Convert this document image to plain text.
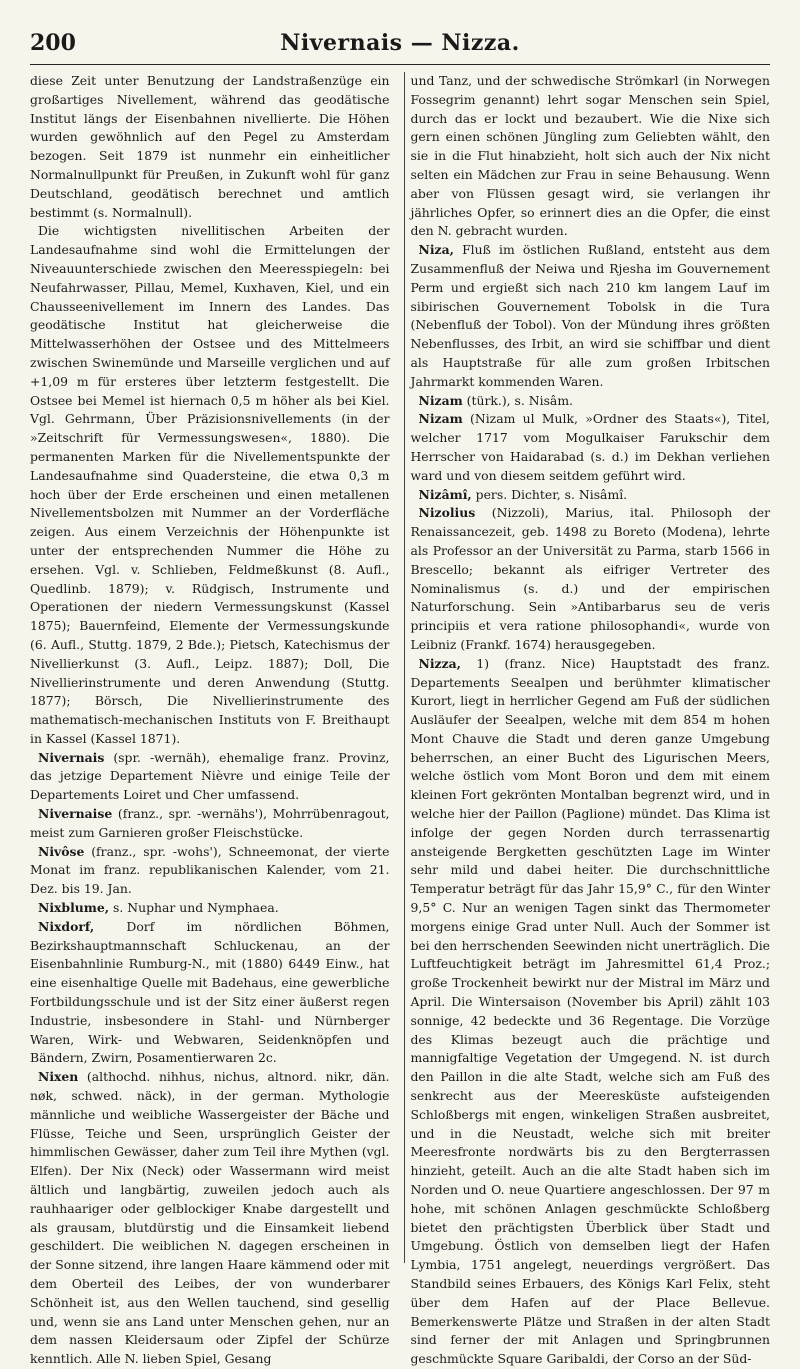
200	Nivernais — Nizza.

diese Zeit unter Benutzung der Landstraßenzüge ein großartiges Nivellement, während das geodätische Institut längs der Eisenbahnen nivellierte. Die Höhen wurden gewöhnlich auf den Pegel zu Amsterdam bezogen. Seit 1879 ist nunmehr ein einheitlicher Normalnullpunkt für Preußen, in Zukunft wohl für ganz Deutschland, geodätisch berechnet und amtlich bestimmt (s. Normalnull).

Die wichtigsten nivellitischen Arbeiten der Landesaufnahme sind wohl die Ermittelungen der Niveauunterschiede zwischen den Meeresspiegeln: bei Neufahrwasser, Pillau, Memel, Kuxhaven, Kiel, und ein Chausseenivellement im Innern des Landes. Das geodätische Institut hat gleicherweise die Mittelwasserhöhen der Ostsee und des Mittelmeers zwischen Swinemünde und Marseille verglichen und auf +1,09 m für ersteres über letzterm festgestellt. Die Ostsee bei Memel ist hiernach 0,5 m höher als bei Kiel. Vgl. Gehrmann, Über Präzisionsnivellements (in der »Zeitschrift für Vermessungswesen«, 1880). Die permanenten Marken für die Nivellementspunkte der Landesaufnahme sind Quadersteine, die etwa 0,3 m hoch über der Erde erscheinen und einen metallenen Nivellementsbolzen mit Nummer an der Vorderfläche zeigen. Aus einem Verzeichnis der Höhenpunkte ist unter der entsprechenden Nummer die Höhe zu ersehen. Vgl. v. Schlieben, Feldmeßkunst (8. Aufl., Quedlinb. 1879); v. Rüdgisch, Instrumente und Operationen der niedern Vermessungskunst (Kassel 1875); Bauernfeind, Elemente der Vermessungskunde (6. Aufl., Stuttg. 1879, 2 Bde.); Pietsch, Katechismus der Nivellierkunst (3. Aufl., Leipz. 1887); Doll, Die Nivellierinstrumente und deren Anwendung (Stuttg. 1877); Börsch, Die Nivellierinstrumente des mathematisch-mechanischen Instituts von F. Breithaupt in Kassel (Kassel 1871).

Nivernais (spr. -wernäh), ehemalige franz. Provinz, das jetzige Departement Nièvre und einige Teile der Departements Loiret und Cher umfassend.

Nivernaise (franz., spr. -wernähs'), Mohrrübenragout, meist zum Garnieren großer Fleischstücke.

Nivôse (franz., spr. -wohs'), Schneemonat, der vierte Monat im franz. republikanischen Kalender, vom 21. Dez. bis 19. Jan.

Nixblume, s. Nuphar und Nymphaea.

Nixdorf, Dorf im nördlichen Böhmen, Bezirkshauptmannschaft Schluckenau, an der Eisenbahnlinie Rumburg-N., mit (1880) 6449 Einw., hat eine eisenhaltige Quelle mit Badehaus, eine gewerbliche Fortbildungsschule und ist der Sitz einer äußerst regen Industrie, insbesondere in Stahl- und Nürnberger Waren, Wirk- und Webwaren, Seidenknöpfen und Bändern, Zwirn, Posamentierwaren 2c.

Nixen (althochd. nihhus, nichus, altnord. nikr, dän. nøk, schwed. näck), in der german. Mythologie männliche und weibliche Wassergeister der Bäche und Flüsse, Teiche und Seen, ursprünglich Geister der himmlischen Gewässer, daher zum Teil ihre Mythen (vgl. Elfen). Der Nix (Neck) oder Wassermann wird meist ältlich und langbärtig, zuweilen jedoch auch als rauhhaariger oder gelblockiger Knabe dargestellt und als grausam, blutdürstig und die Einsamkeit liebend geschildert. Die weiblichen N. dagegen erscheinen in der Sonne sitzend, ihre langen Haare kämmend oder mit dem Oberteil des Leibes, der von wunderbarer Schönheit ist, aus den Wellen tauchend, sind gesellig und, wenn sie ans Land unter Menschen gehen, nur an dem nassen Kleidersaum oder Zipfel der Schürze kenntlich. Alle N. lieben Spiel, Gesang

und Tanz, und der schwedische Strömkarl (in Norwegen Fossegrim genannt) lehrt sogar Menschen sein Spiel, durch das er lockt und bezaubert. Wie die Nixe sich gern einen schönen Jüngling zum Geliebten wählt, den sie in die Flut hinabzieht, holt sich auch der Nix nicht selten ein Mädchen zur Frau in seine Behausung. Wenn aber von Flüssen gesagt wird, sie verlangen ihr jährliches Opfer, so erinnert dies an die Opfer, die einst den N. gebracht wurden.

Niza, Fluß im östlichen Rußland, entsteht aus dem Zusammenfluß der Neiwa und Rjesha im Gouvernement Perm und ergießt sich nach 210 km langem Lauf im sibirischen Gouvernement Tobolsk in die Tura (Nebenfluß der Tobol). Von der Mündung ihres größten Nebenflusses, des Irbit, an wird sie schiffbar und dient als Hauptstraße für alle zum großen Irbitschen Jahrmarkt kommenden Waren.

Nizam (türk.), s. Nisâm.

Nizam (Nizam ul Mulk, »Ordner des Staats«), Titel, welcher 1717 vom Mogulkaiser Farukschir dem Herrscher von Haidarabad (s. d.) im Dekhan verliehen ward und von diesem seitdem geführt wird.

Nizâmî, pers. Dichter, s. Nisâmî.

Nizolius (Nizzoli), Marius, ital. Philosoph der Renaissancezeit, geb. 1498 zu Boreto (Modena), lehrte als Professor an der Universität zu Parma, starb 1566 in Brescello; bekannt als eifriger Vertreter des Nominalismus (s. d.) und der empirischen Naturforschung. Sein »Antibarbarus seu de veris principiis et vera ratione philosophandi«, wurde von Leibniz (Frankf. 1674) herausgegeben.

Nizza, 1) (franz. Nice) Hauptstadt des franz. Departements Seealpen und berühmter klimatischer Kurort, liegt in herrlicher Gegend am Fuß der südlichen Ausläufer der Seealpen, welche mit dem 854 m hohen Mont Chauve die Stadt und deren ganze Umgebung beherrschen, an einer Bucht des Ligurischen Meers, welche östlich vom Mont Boron und dem mit einem kleinen Fort gekrönten Montalban begrenzt wird, und in welche hier der Paillon (Paglione) mündet. Das Klima ist infolge der gegen Norden durch terrassenartig ansteigende Bergketten geschützten Lage im Winter sehr mild und dabei heiter. Die durchschnittliche Temperatur beträgt für das Jahr 15,9° C., für den Winter 9,5° C. Nur an wenigen Tagen sinkt das Thermometer morgens einige Grad unter Null. Auch der Sommer ist bei den herrschenden Seewinden nicht unerträglich. Die Luftfeuchtigkeit beträgt im Jahresmittel 61,4 Proz.; große Trockenheit bewirkt nur der Mistral im März und April. Die Wintersaison (November bis April) zählt 103 sonnige, 42 bedeckte und 36 Regentage. Die Vorzüge des Klimas bezeugt auch die prächtige und mannigfaltige Vegetation der Umgegend. N. ist durch den Paillon in die alte Stadt, welche sich am Fuß des senkrecht aus der Meeresküste aufsteigenden Schloßbergs mit engen, winkeligen Straßen ausbreitet, und in die Neustadt, welche sich mit breiter Meeresfronte nordwärts bis zu den Bergterrassen hinzieht, geteilt. Auch an die alte Stadt haben sich im Norden und O. neue Quartiere angeschlossen. Der 97 m hohe, mit schönen Anlagen geschmückte Schloßberg bietet den prächtigsten Überblick über Stadt und Umgebung. Östlich von demselben liegt der Hafen Lymbia, 1751 angelegt, neuerdings vergrößert. Das Standbild seines Erbauers, des Königs Karl Felix, steht über dem Hafen auf der Place Bellevue. Bemerkenswerte Plätze und Straßen in der alten Stadt sind ferner der mit Anlagen und Springbrunnen geschmückte Square Garibaldi, der Corso an der Süd-
